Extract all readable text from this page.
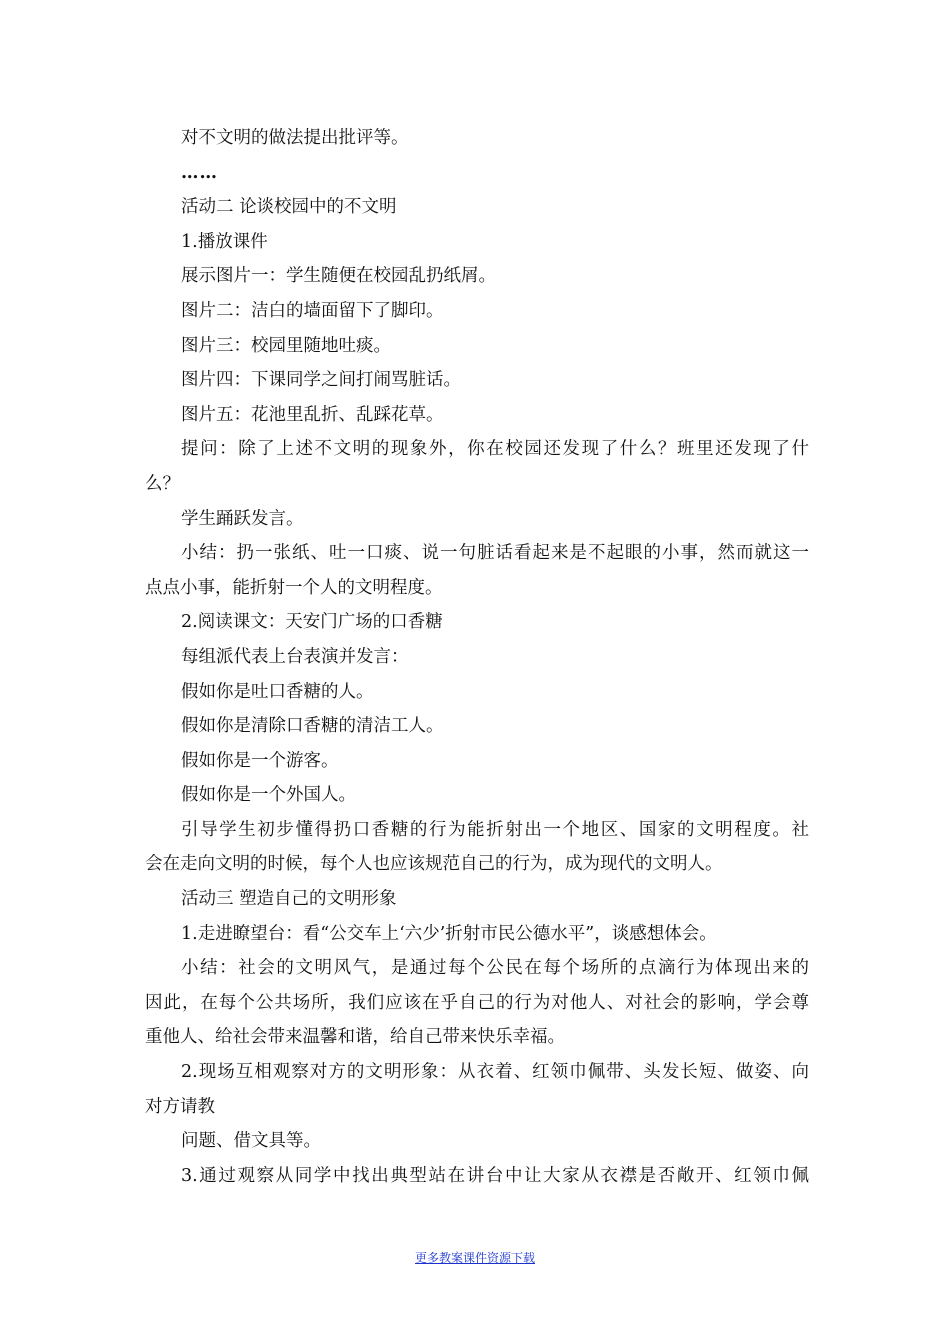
对不文明的做法提出批评等。
……
活动二 论谈校园中的不文明
1.播放课件
展示图片一：学生随便在校园乱扔纸屑。
图片二：洁白的墙面留下了脚印。
图片三：校园里随地吐痰。
图片四：下课同学之间打闹骂脏话。
图片五：花池里乱折、乱踩花草。
提问：除了上述不文明的现象外，你在校园还发现了什么？班里还发现了什
么？
学生踊跃发言。
小结：扔一张纸、吐一口痰、说一句脏话看起来是不起眼的小事，然而就这一
点点小事，能折射一个人的文明程度。
2.阅读课文：天安门广场的口香糖
每组派代表上台表演并发言：
假如你是吐口香糖的人。
假如你是清除口香糖的清洁工人。
假如你是一个游客。
假如你是一个外国人。
引导学生初步懂得扔口香糖的行为能折射出一个地区、国家的文明程度。社
会在走向文明的时候，每个人也应该规范自己的行为，成为现代的文明人。
活动三 塑造自己的文明形象
1.走进瞭望台：看“公交车上‘六少’折射市民公德水平”，谈感想体会。
小结：社会的文明风气，是通过每个公民在每个场所的点滴行为体现出来的
因此，在每个公共场所，我们应该在乎自己的行为对他人、对社会的影响，学会尊
重他人、给社会带来温馨和谐，给自己带来快乐幸福。
2.现场互相观察对方的文明形象：从衣着、红领巾佩带、头发长短、做姿、向
对方请教
问题、借文具等。
3.通过观察从同学中找出典型站在讲台中让大家从衣襟是否敞开、红领巾佩
更多教案课件资源下载
